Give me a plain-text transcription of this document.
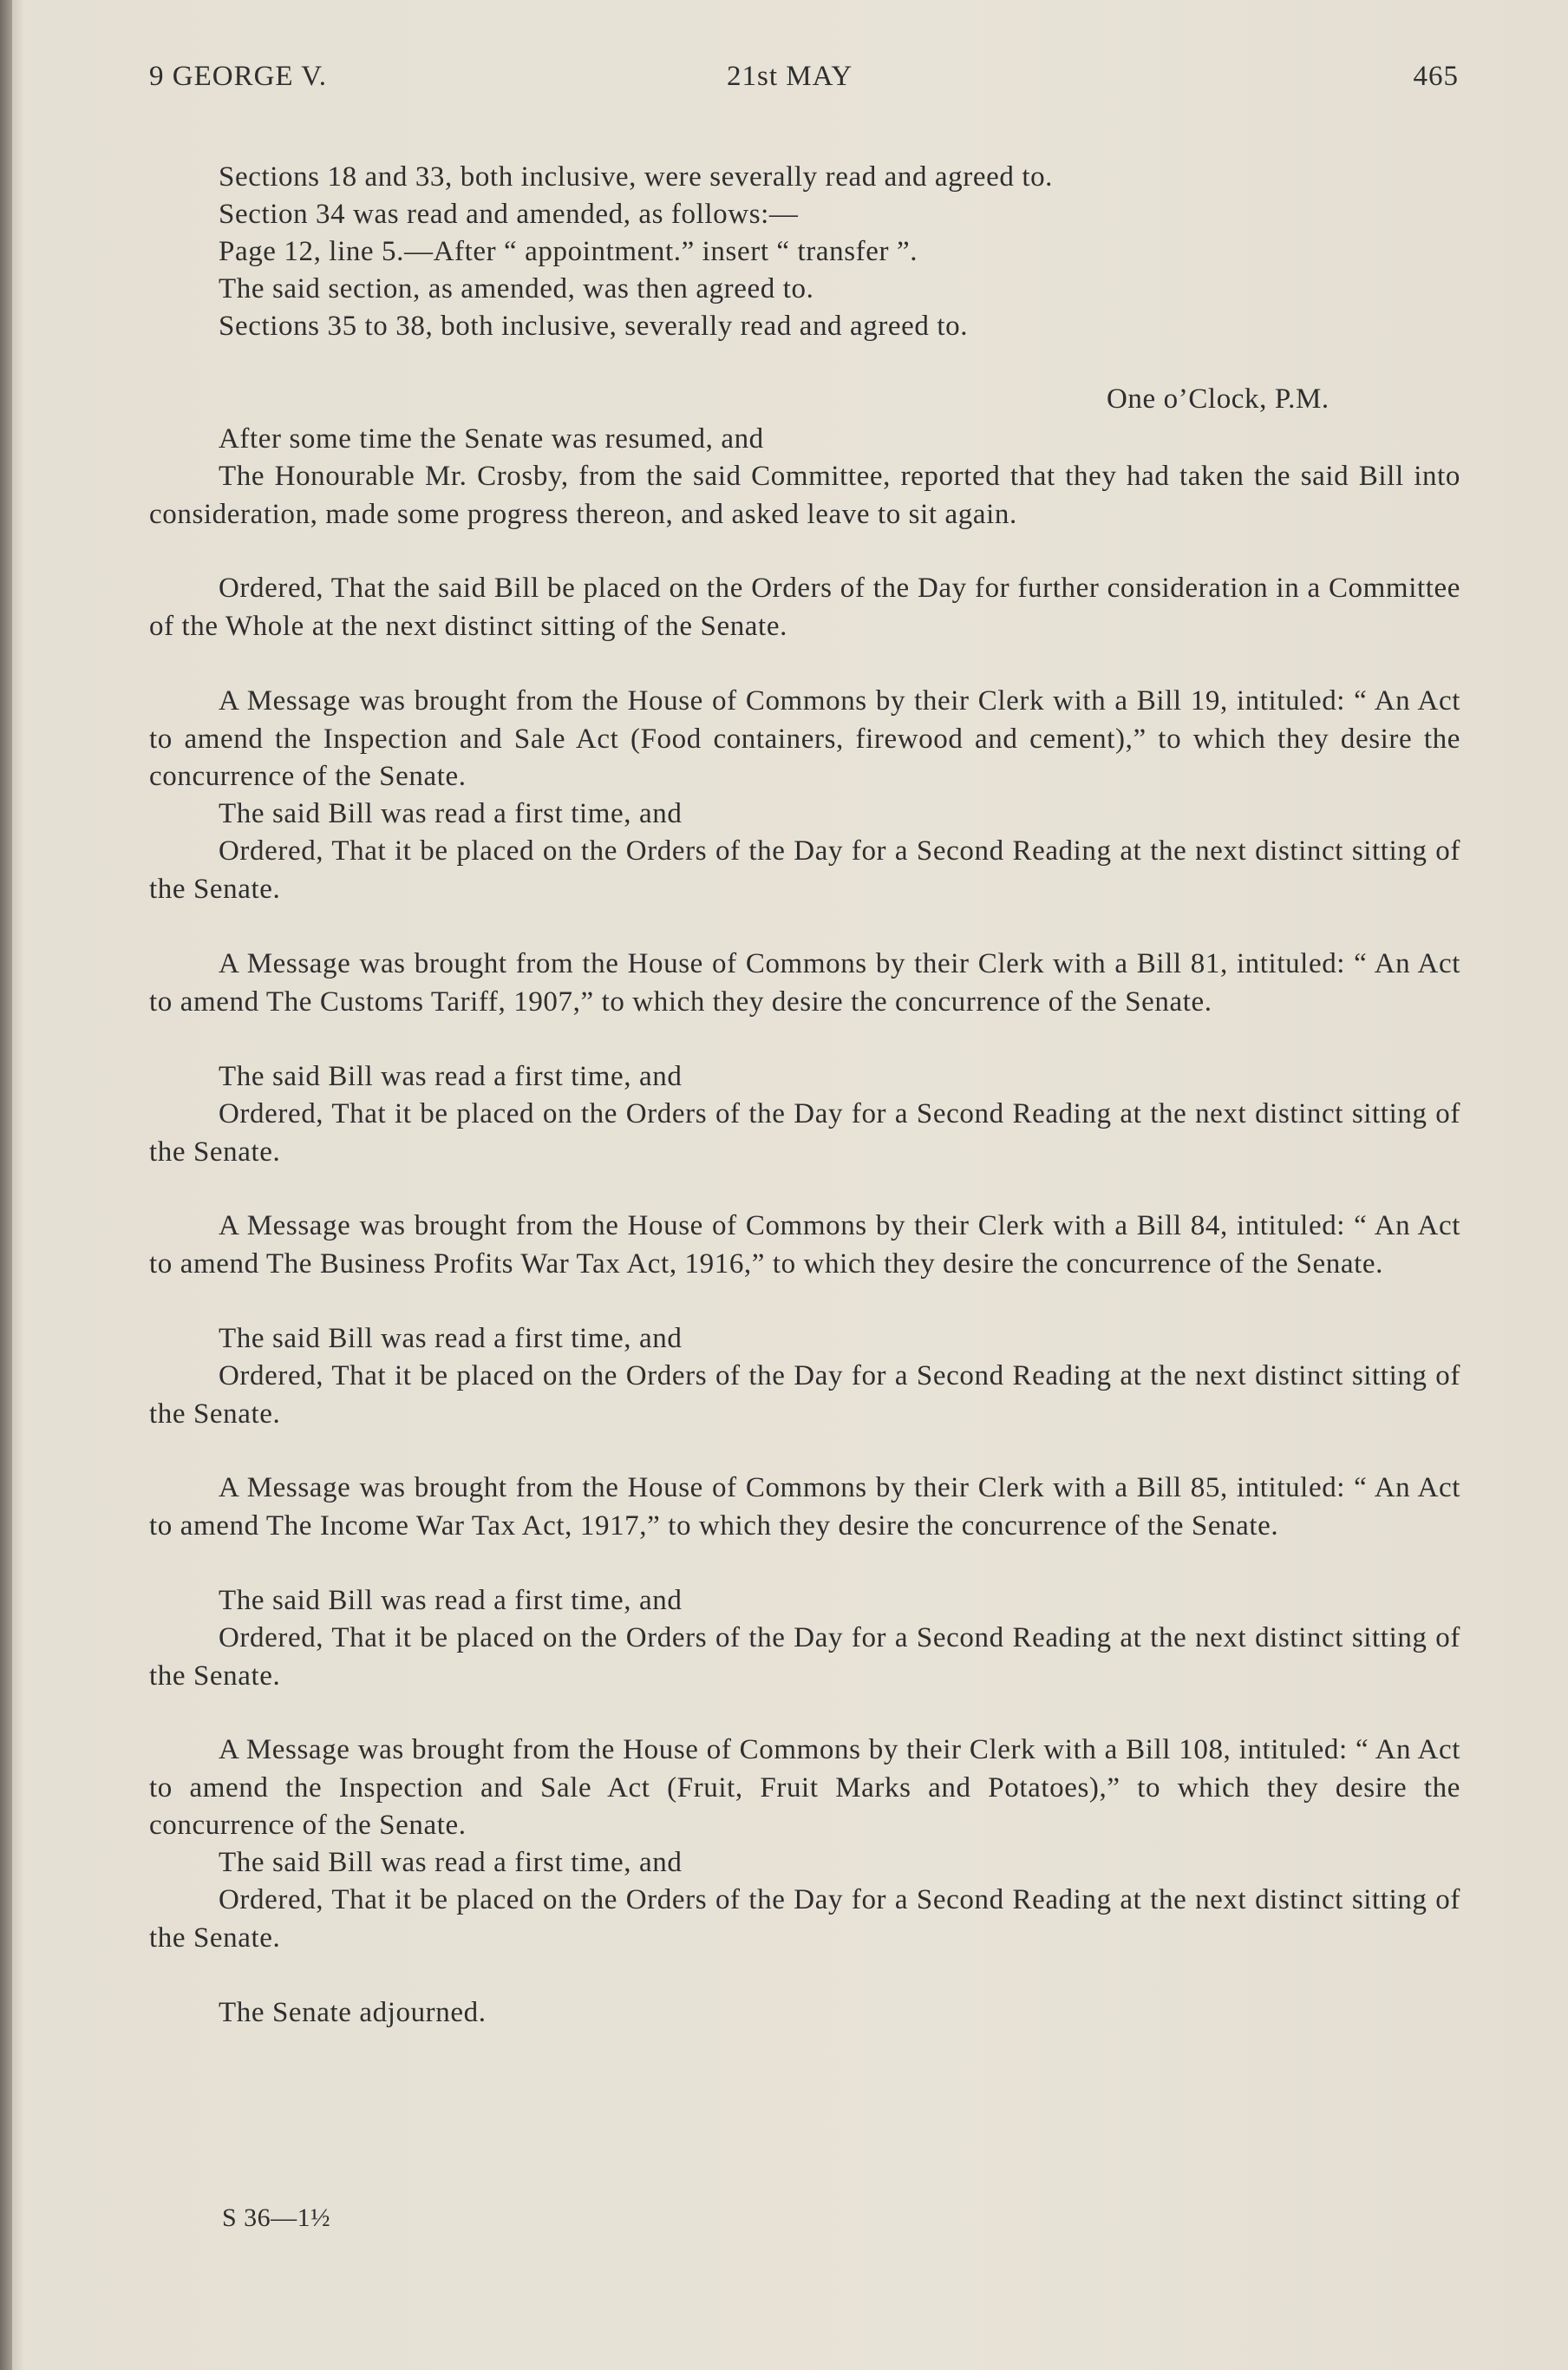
9 GEORGE V.	21st MAY	465

Sections 18 and 33, both inclusive, were severally read and agreed to.

Section 34 was read and amended, as follows:—

Page 12, line 5.—After “ appointment.” insert “ transfer ”.

The said section, as amended, was then agreed to.

Sections 35 to 38, both inclusive, severally read and agreed to.

One o’Clock, P.M.

After some time the Senate was resumed, and

The Honourable Mr. Crosby, from the said Committee, reported that they had taken the said Bill into consideration, made some progress thereon, and asked leave to sit again.

Ordered, That the said Bill be placed on the Orders of the Day for further consideration in a Committee of the Whole at the next distinct sitting of the Senate.

A Message was brought from the House of Commons by their Clerk with a Bill 19, intituled: “ An Act to amend the Inspection and Sale Act (Food containers, firewood and cement),” to which they desire the concurrence of the Senate.

The said Bill was read a first time, and

Ordered, That it be placed on the Orders of the Day for a Second Reading at the next distinct sitting of the Senate.

A Message was brought from the House of Commons by their Clerk with a Bill 81, intituled: “ An Act to amend The Customs Tariff, 1907,” to which they desire the concurrence of the Senate.

The said Bill was read a first time, and

Ordered, That it be placed on the Orders of the Day for a Second Reading at the next distinct sitting of the Senate.

A Message was brought from the House of Commons by their Clerk with a Bill 84, intituled: “ An Act to amend The Business Profits War Tax Act, 1916,” to which they desire the concurrence of the Senate.

The said Bill was read a first time, and

Ordered, That it be placed on the Orders of the Day for a Second Reading at the next distinct sitting of the Senate.

A Message was brought from the House of Commons by their Clerk with a Bill 85, intituled: “ An Act to amend The Income War Tax Act, 1917,” to which they desire the concurrence of the Senate.

The said Bill was read a first time, and

Ordered, That it be placed on the Orders of the Day for a Second Reading at the next distinct sitting of the Senate.

A Message was brought from the House of Commons by their Clerk with a Bill 108, intituled: “ An Act to amend the Inspection and Sale Act (Fruit, Fruit Marks and Potatoes),” to which they desire the concurrence of the Senate.

The said Bill was read a first time, and

Ordered, That it be placed on the Orders of the Day for a Second Reading at the next distinct sitting of the Senate.

The Senate adjourned.

S 36—1½
